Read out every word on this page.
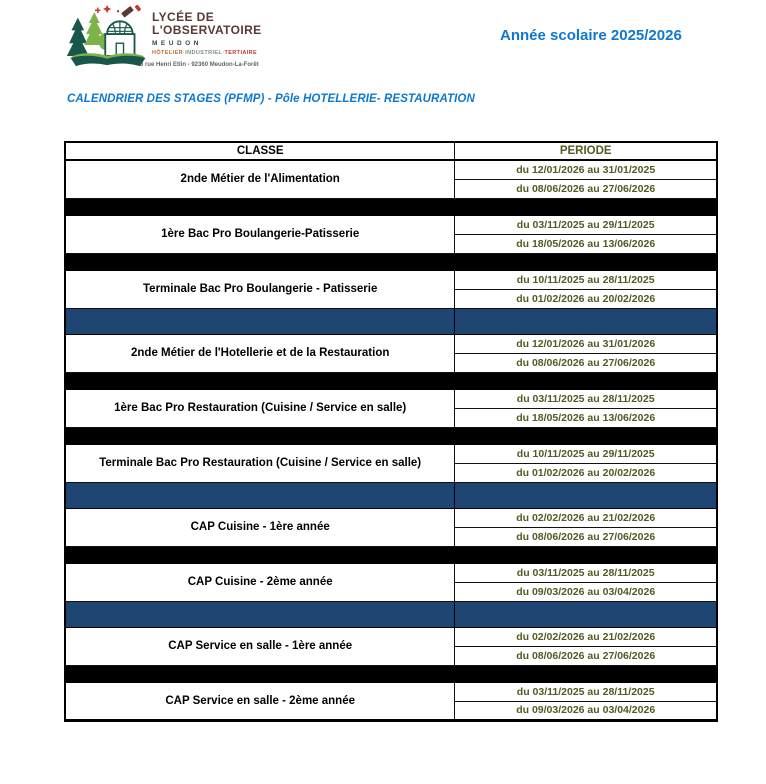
LYCÉE DE
L'OBSERVATOIRE
MEUDON
HÔTELIER·INDUSTRIEL·TERTIAIRE
3 rue Henri Etlin - 92360 Meudon-La-Forêt
Année scolaire 2025/2026
CALENDRIER DES STAGES (PFMP) - Pôle HOTELLERIE- RESTAURATION
CLASSE	PERIODE
2nde Métier de l'Alimentation	du 12/01/2026 au 31/01/2025
	du 08/06/2026 au 27/06/2026

1ère Bac Pro Boulangerie-Patisserie	du 03/11/2025 au 29/11/2025
	du 18/05/2026 au 13/06/2026

Terminale Bac Pro Boulangerie - Patisserie	du 10/11/2025 au 28/11/2025
	du 01/02/2026 au 20/02/2026

2nde Métier de l'Hotellerie et de la Restauration	du 12/01/2026 au 31/01/2026
	du 08/06/2026 au 27/06/2026

1ère Bac Pro Restauration (Cuisine / Service en salle)	du 03/11/2025 au 28/11/2025
	du 18/05/2026 au 13/06/2026

Terminale Bac Pro Restauration (Cuisine / Service en salle)	du 10/11/2025 au 29/11/2025
	du 01/02/2026 au 20/02/2026

CAP Cuisine - 1ère année	du 02/02/2026 au 21/02/2026
	du 08/06/2026 au 27/06/2026

CAP Cuisine - 2ème année	du 03/11/2025 au 28/11/2025
	du 09/03/2026 au 03/04/2026

CAP Service en salle - 1ère année	du 02/02/2026 au 21/02/2026
	du 08/06/2026 au 27/06/2026

CAP Service en salle - 2ème année	du 03/11/2025 au 28/11/2025
	du 09/03/2026 au 03/04/2026
